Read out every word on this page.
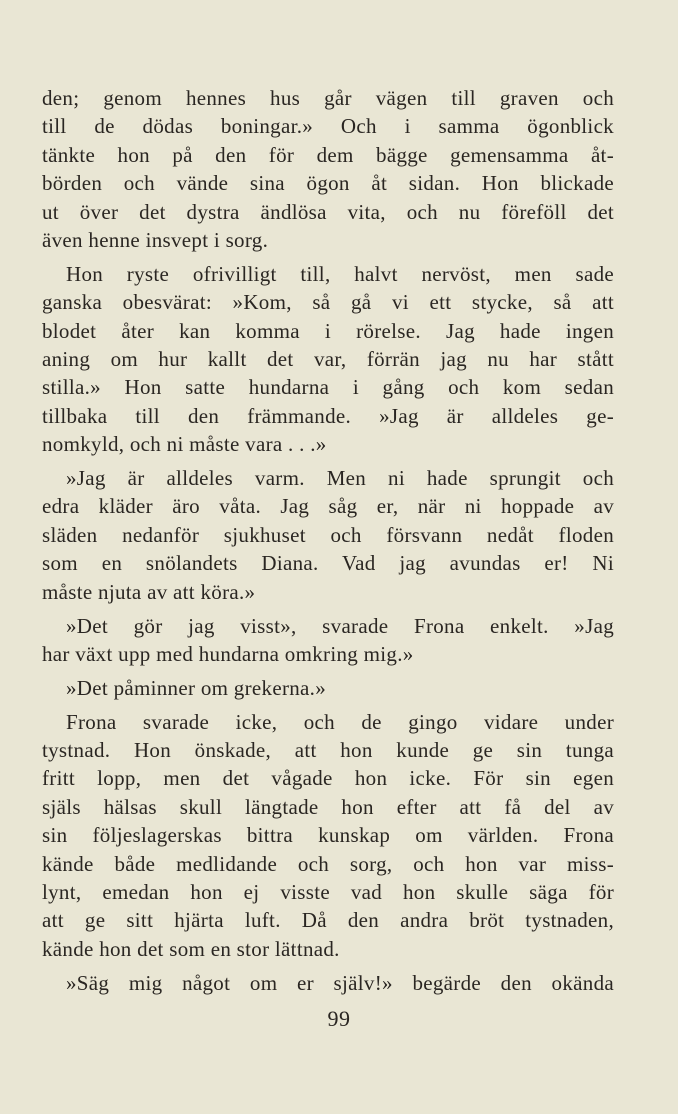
den; genom hennes hus går vägen till graven och
till de dödas boningar.» Och i samma ögonblick
tänkte hon på den för dem bägge gemensamma åt-
börden och vände sina ögon åt sidan. Hon blickade
ut över det dystra ändlösa vita, och nu föreföll det
även henne insvept i sorg.
Hon ryste ofrivilligt till, halvt nervöst, men sade
ganska obesvärat: »Kom, så gå vi ett stycke, så att
blodet åter kan komma i rörelse. Jag hade ingen
aning om hur kallt det var, förrän jag nu har stått
stilla.» Hon satte hundarna i gång och kom sedan
tillbaka till den främmande. »Jag är alldeles ge-
nomkyld, och ni måste vara . . .»
»Jag är alldeles varm. Men ni hade sprungit och
edra kläder äro våta. Jag såg er, när ni hoppade av
släden nedanför sjukhuset och försvann nedåt floden
som en snölandets Diana. Vad jag avundas er! Ni
måste njuta av att köra.»
»Det gör jag visst», svarade Frona enkelt. »Jag
har växt upp med hundarna omkring mig.»
»Det påminner om grekerna.»
Frona svarade icke, och de gingo vidare under
tystnad. Hon önskade, att hon kunde ge sin tunga
fritt lopp, men det vågade hon icke. För sin egen
själs hälsas skull längtade hon efter att få del av
sin följeslagerskas bittra kunskap om världen. Frona
kände både medlidande och sorg, och hon var miss-
lynt, emedan hon ej visste vad hon skulle säga för
att ge sitt hjärta luft. Då den andra bröt tystnaden,
kände hon det som en stor lättnad.
»Säg mig något om er själv!» begärde den okända
99
